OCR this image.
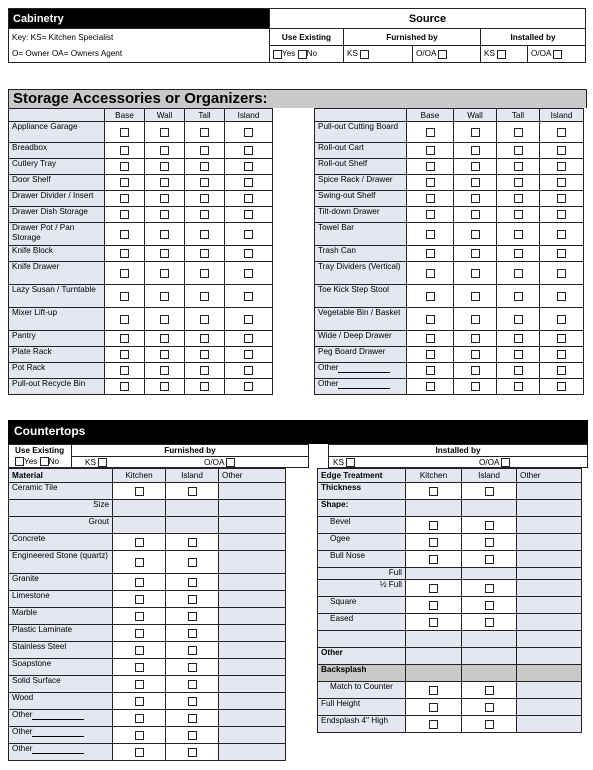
Cabinetry	Source				
Key: KS= Kitchen Specialist	Use Existing	Furnished by		Installed by	
O= Owner OA= Owners Agent	Yes No	KS	O/OA	KS	O/OA
Storage Accessories or Organizers:
	Base	Wall	Tall	Island
Appliance Garage				
Breadbox				
Cutlery Tray				
Door Shelf				
Drawer Divider / Insert				
Drawer Dish Storage				
Drawer Pot / Pan Storage				
Knife Block				
Knife Drawer				
Lazy Susan / Turntable				
Mixer Lift-up				
Pantry				
Plate Rack				
Pot Rack				
Pull-out Recycle Bin				
	Base	Wall	Tall	Island
Pull-out Cutting Board				
Roll-out Cart				
Roll-out Shelf				
Spice Rack / Drawer				
Swing-out Shelf				
Tilt-down Drawer				
Towel Bar				
Trash Can				
Tray Dividers (Vertical)				
Toe Kick Step Stool				
Vegetable Bin / Basket				
Wide / Deep Drawer				
Peg Board Drawer				
Other				
Other				
Countertops
Use Existing
Yes No
Furnished by
KS	O/OA
Installed by
KS	O/OA
Material	Kitchen	Island	Other
Ceramic Tile			
Size			
Grout			
Concrete			
Engineered Stone (quartz)			
Granite			
Limestone			
Marble			
Plastic Laminate			
Stainless Steel			
Soapstone			
Solid Surface			
Wood			
Other			
Other			
Other			
Edge Treatment	Kitchen	Island	Other
Thickness			
Shape:			
Bevel			
Ogee			
Bull Nose			
Full			
½ Full			
Square			
Eased			

Other			
Backsplash			
Match to Counter			
Full Height			
Endsplash 4" High			
